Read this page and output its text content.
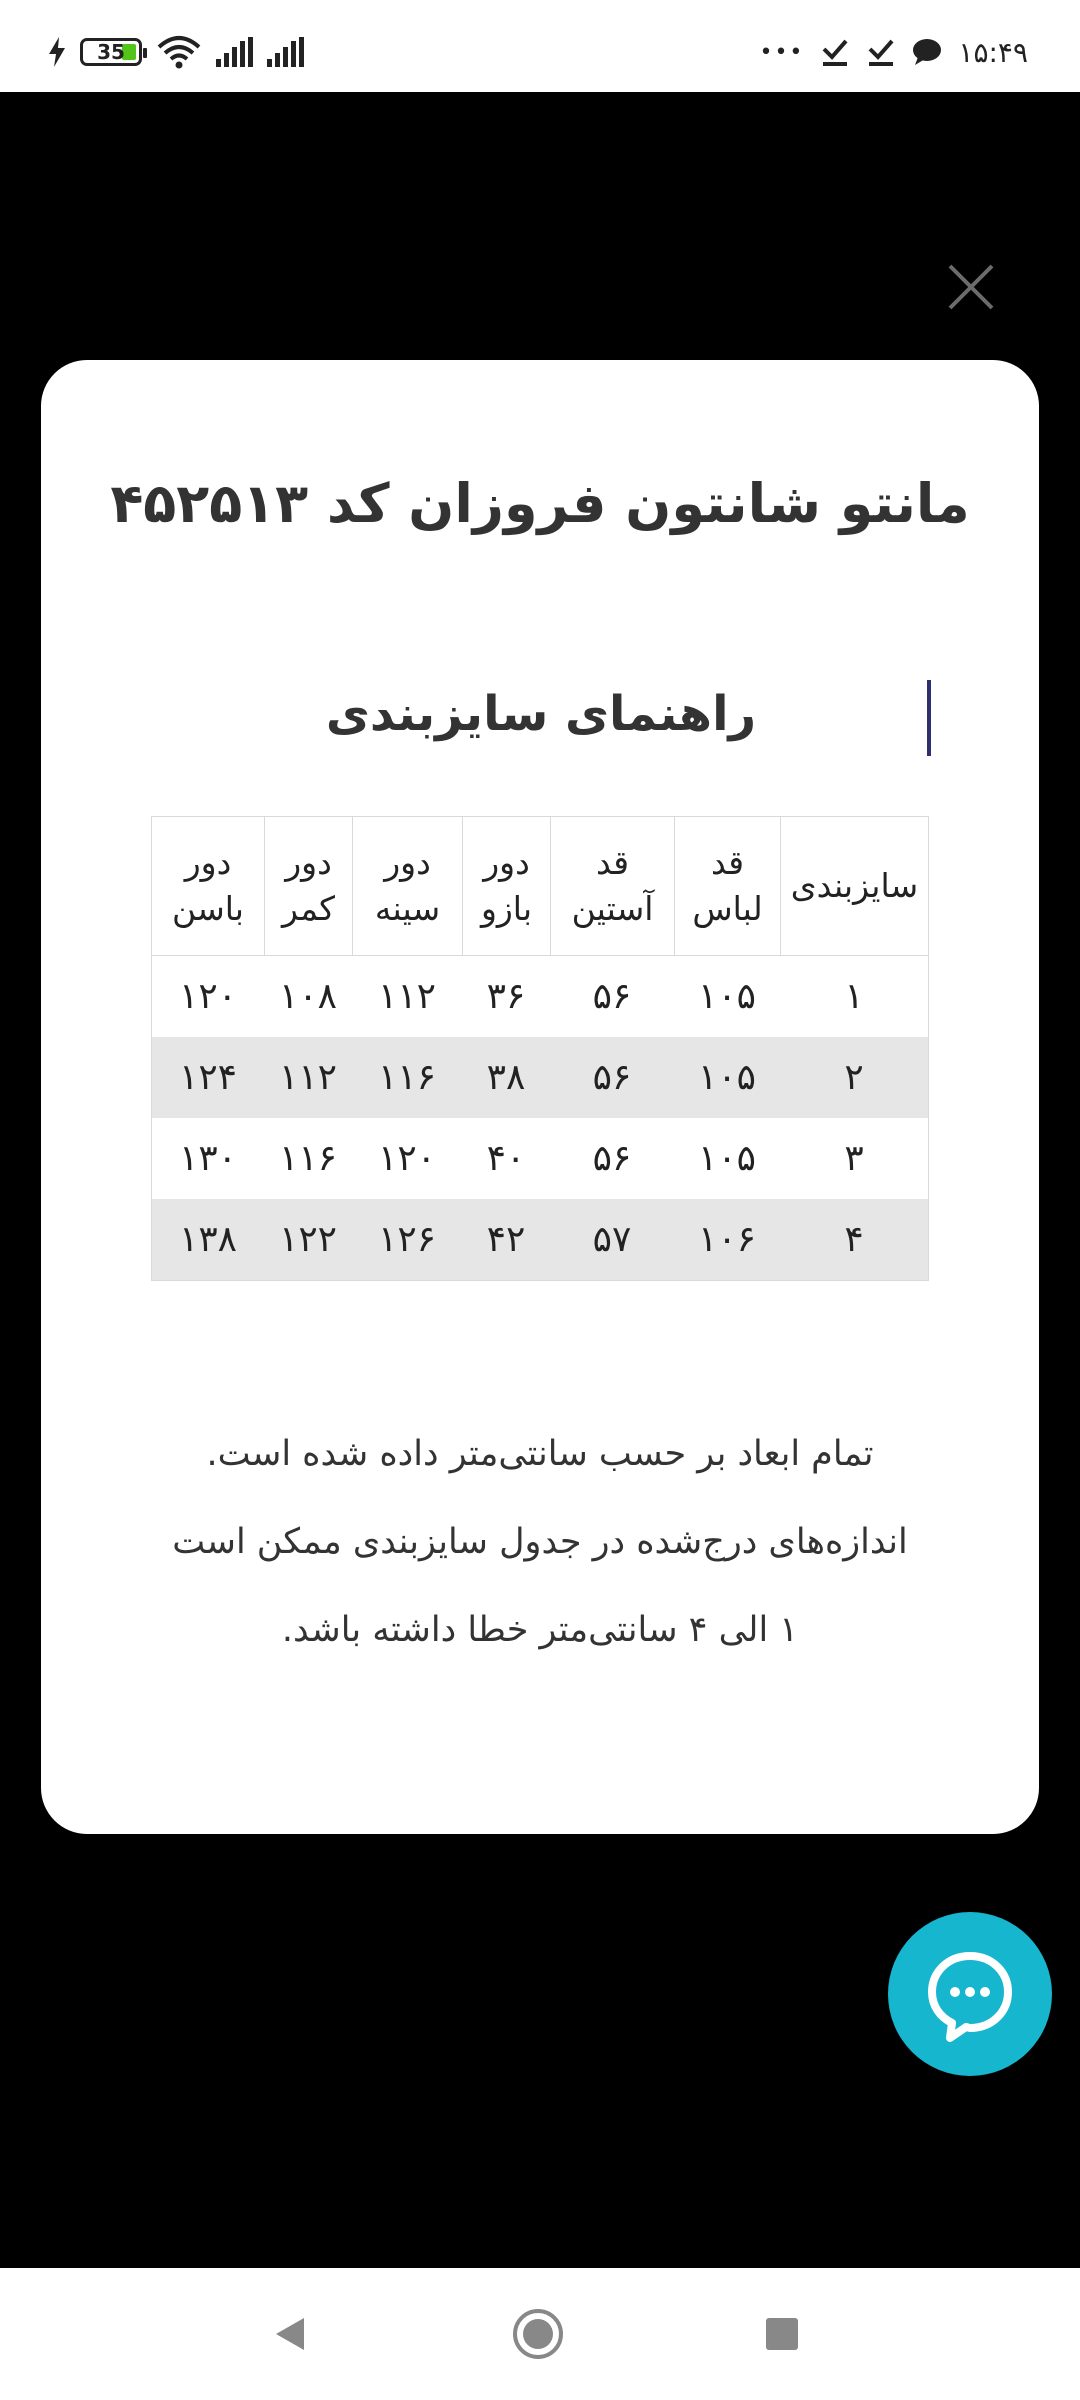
35	•••	۱۵:۴۹
مانتو شانتون فروزان کد ۴۵۲۵۱۳
راهنمای سایزبندی
سایزبندی
قد
لباس
قد
آستین
دور
بازو
دور
سینه
دور
کمر
دور
باسن
۱
۱۰۵
۵۶
۳۶
۱۱۲
۱۰۸
۱۲۰
۲
۱۰۵
۵۶
۳۸
۱۱۶
۱۱۲
۱۲۴
۳
۱۰۵
۵۶
۴۰
۱۲۰
۱۱۶
۱۳۰
۴
۱۰۶
۵۷
۴۲
۱۲۶
۱۲۲
۱۳۸
تمام ابعاد بر حسب سانتی‌متر داده شده است.
اندازه‌های درج‌شده در جدول سایزبندی ممکن است
۱ الی ۴ سانتی‌متر خطا داشته باشد.
